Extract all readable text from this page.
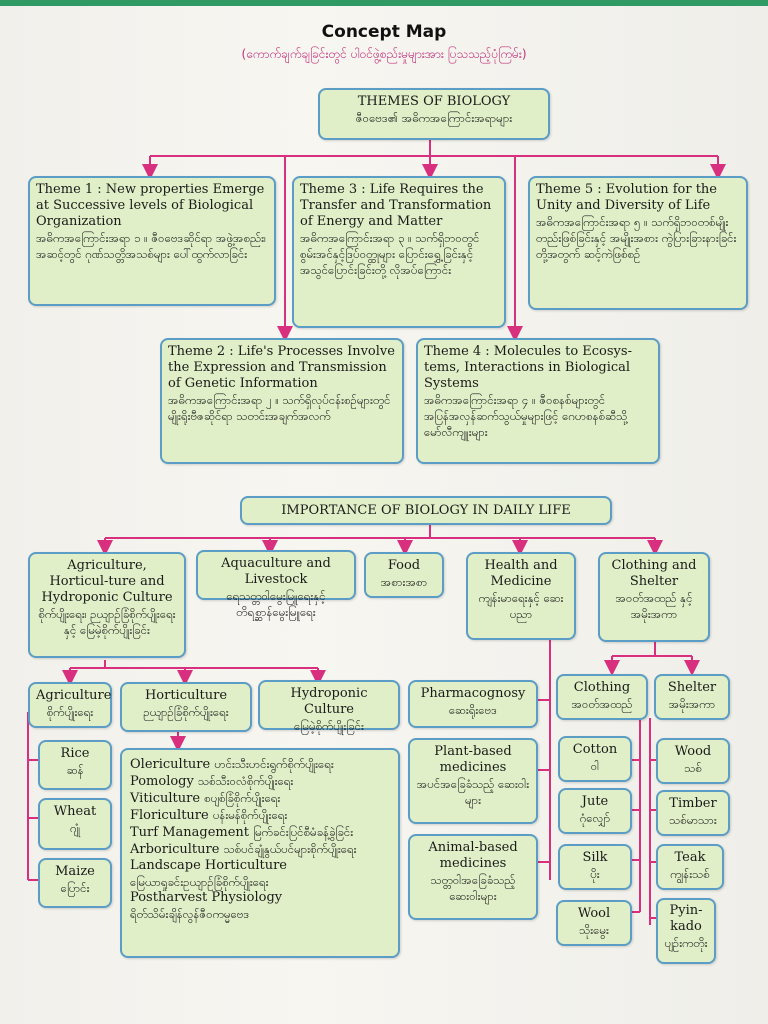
Concept Map
(ကောက်ချက်ချခြင်းတွင် ပါဝင်ဖွဲ့စည်းမှုများအား ပြသသည့်ပုံကြမ်း)
THEMES OF BIOLOGY
ဇီဝဗေဒ၏ အဓိကအကြောင်းအရာများ
Theme 1 : New properties Emerge at Successive levels of Biological Organization
အဓိကအကြောင်းအရာ ၁ ။ ဇီဝဗေဒဆိုင်ရာ အဖွဲ့အစည်း၊ အဆင့်တွင် ဂုဏ်သတ္တိအသစ်များ ပေါ်ထွက်လာခြင်း
Theme 3 : Life Requires the Transfer and Transformation of Energy and Matter
အဓိကအကြောင်းအရာ ၃ ။ သက်ရှိဘဝတွင် စွမ်းအင်နှင့်ဒြပ်ဝတ္ထုများ ပြောင်းရွှေ့ခြင်းနှင့် အသွင်ပြောင်းခြင်းတို့ လိုအပ်ကြောင်း
Theme 5 : Evolution for the Unity and Diversity of Life
အဓိကအကြောင်းအရာ ၅ ။ သက်ရှိဘဝတစ်မျိုးတည်းဖြစ်ခြင်းနှင့် အမျိုးအစား ကွဲပြားခြားနားခြင်းတို့အတွက် ဆင့်ကဲဖြစ်စဉ်
Theme 2 : Life's Processes Involve the Expression and Transmission of Genetic Information
အဓိကအကြောင်းအရာ ၂ ။ သက်ရှိလုပ်ငန်းစဉ်များတွင် မျိုးရိုးဗီဇဆိုင်ရာ သတင်းအချက်အလက်
Theme 4 : Molecules to Ecosys-tems, Interactions in Biological Systems
အဓိကအကြောင်းအရာ ၄ ။ ဇီဝစနစ်များတွင် အပြန်အလှန်ဆက်သွယ်မှုများဖြင့် ဂေဟစနစ်ဆီသို့ မော်လီကျူးများ
IMPORTANCE OF BIOLOGY IN DAILY LIFE
Agriculture, Horticul-ture and Hydroponic Culture
စိုက်ပျိုးရေး၊ ဉယျာဉ်ခြံစိုက်ပျိုးရေးနှင့် မြေမဲ့စိုက်ပျိုးခြင်း
Aquaculture and Livestock
ရေသတ္တဝါမွေးမြူရေးနှင့် တိရစ္ဆာန်မွေးမြူရေး
Food
အစားအစာ
Health and Medicine
ကျန်းမာရေးနှင့် ဆေးပညာ
Clothing and Shelter
အဝတ်အထည် နှင့် အမိုးအကာ
Agriculture
စိုက်ပျိုးရေး
Horticulture
ဉယျာဉ်ခြံစိုက်ပျိုးရေး
Hydroponic Culture
မြေမဲ့စိုက်ပျိုးခြင်း
Rice
ဆန်
Wheat
ဂျုံ
Maize
ပြောင်း
Olericulture ဟင်းသီးဟင်းရွက်စိုက်ပျိုးရေး
Pomology သစ်သီးဝလံစိုက်ပျိုးရေး
Viticulture စပျစ်ခြံစိုက်ပျိုးရေး
Floriculture ပန်းမန်စိုက်ပျိုးရေး
Turf Management မြက်ခင်းပြင်စီမံခန့်ခွဲခြင်း
Arboriculture သစ်ပင်ချုံနွယ်ပင်များစိုက်ပျိုးရေး
Landscape Horticulture
မြေယာရှုခင်းဥယျာဉ်ခြံစိုက်ပျိုးရေး
Postharvest Physiology
ရိတ်သိမ်းချိန်လွန်ဇီဝကမ္မဗေဒ
Pharmacognosy
ဆေးရိုးဗေဒ
Plant-based medicines
အပင်အခြေခံသည့် ဆေးဝါးများ
Animal-based medicines
သတ္တဝါအခြေခံသည့် ဆေးဝါးများ
Clothing
အဝတ်အထည်
Shelter
အမိုးအကာ
Cotton
ဝါ
Jute
ဂုံလျှော်
Silk
ပိုး
Wool
သိုးမွေး
Wood
သစ်
Timber
သစ်မာသား
Teak
ကျွန်းသစ်
Pyin-kado
ပျဉ်းကတိုး
